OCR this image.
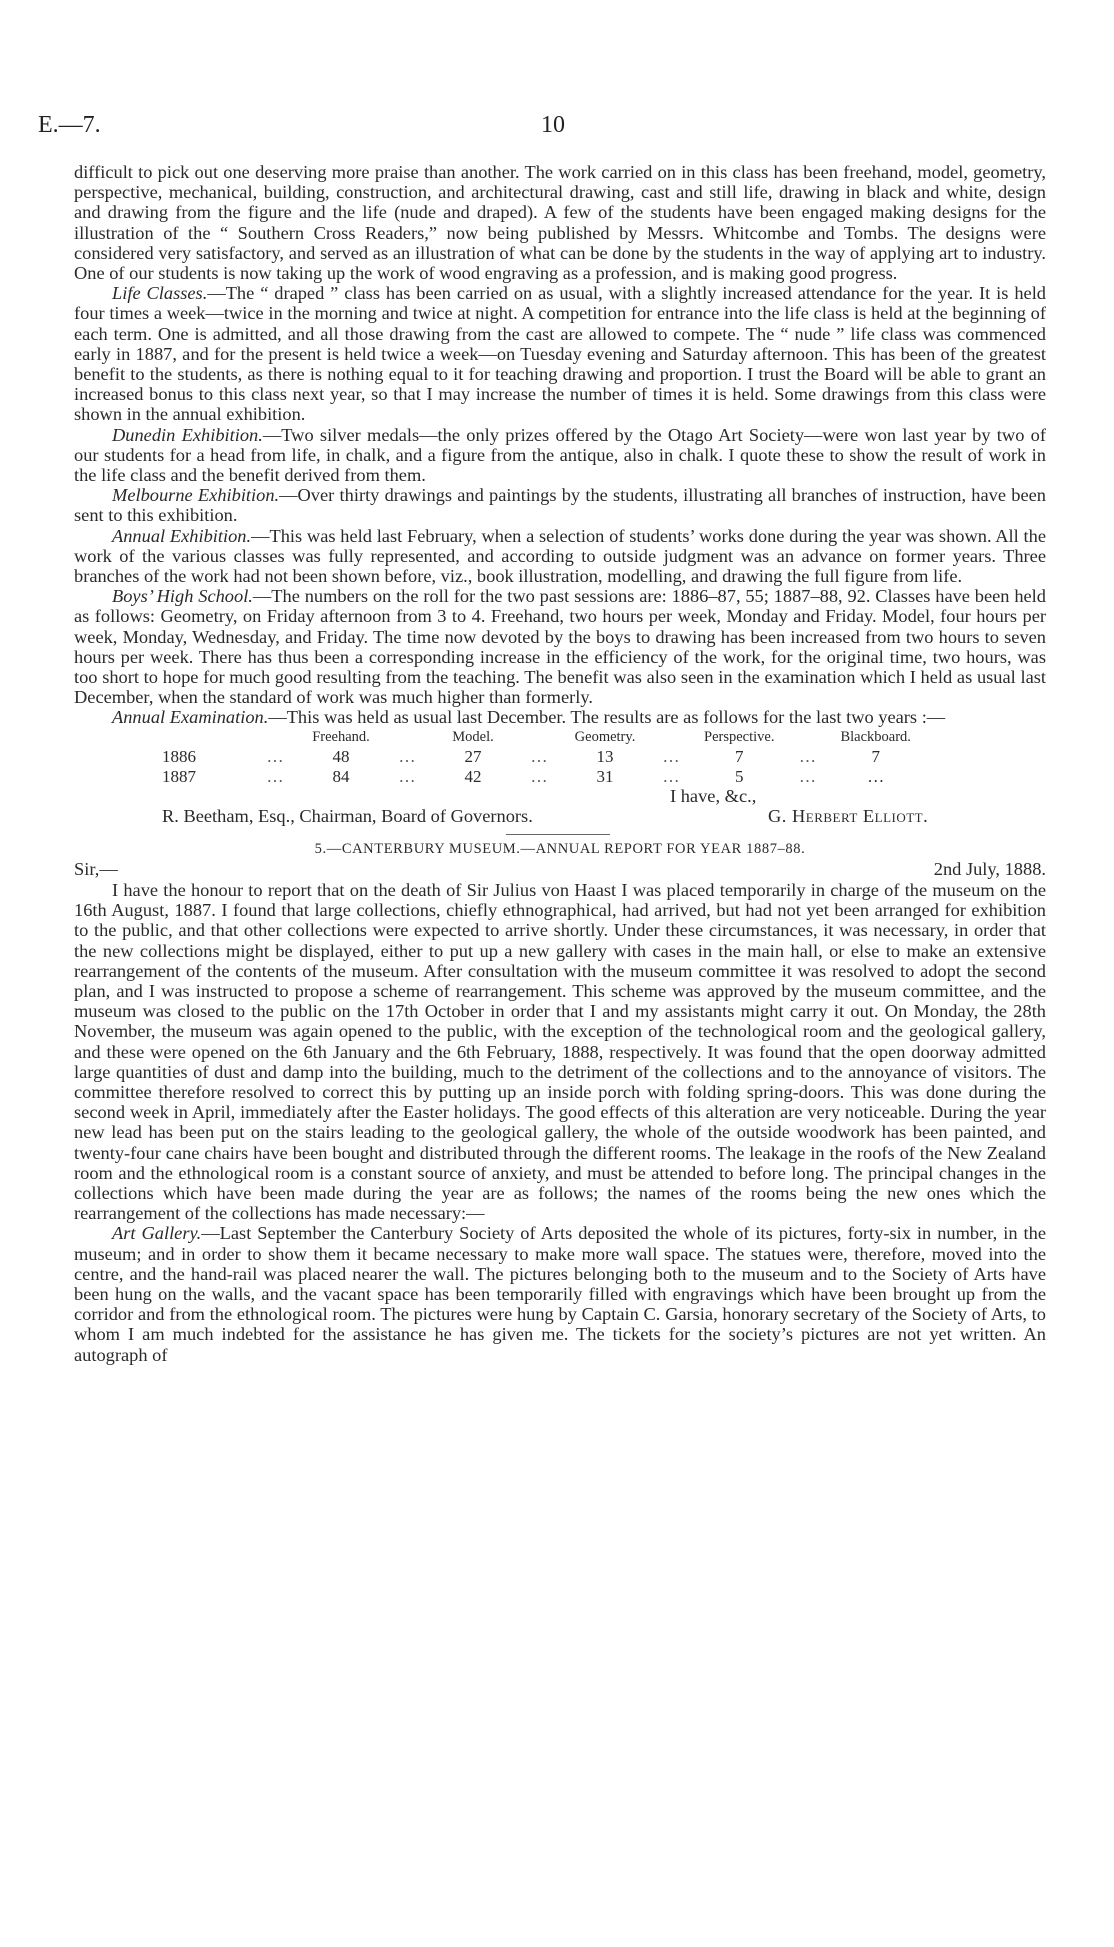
E.—7.	10

difficult to pick out one deserving more praise than another. The work carried on in this class has been freehand, model, geometry, perspective, mechanical, building, construction, and architectural drawing, cast and still life, drawing in black and white, design and drawing from the figure and the life (nude and draped). A few of the students have been engaged making designs for the illustration of the “ Southern Cross Readers,” now being published by Messrs. Whitcombe and Tombs. The designs were considered very satisfactory, and served as an illustration of what can be done by the students in the way of applying art to industry. One of our students is now taking up the work of wood engraving as a profession, and is making good progress.

Life Classes.—The “ draped ” class has been carried on as usual, with a slightly increased attendance for the year. It is held four times a week—twice in the morning and twice at night. A competition for entrance into the life class is held at the beginning of each term. One is admitted, and all those drawing from the cast are allowed to compete. The “ nude ” life class was commenced early in 1887, and for the present is held twice a week—on Tuesday evening and Saturday afternoon. This has been of the greatest benefit to the students, as there is nothing equal to it for teaching drawing and proportion. I trust the Board will be able to grant an increased bonus to this class next year, so that I may increase the number of times it is held. Some drawings from this class were shown in the annual exhibition.

Dunedin Exhibition.—Two silver medals—the only prizes offered by the Otago Art Society—were won last year by two of our students for a head from life, in chalk, and a figure from the antique, also in chalk. I quote these to show the result of work in the life class and the benefit derived from them.

Melbourne Exhibition.—Over thirty drawings and paintings by the students, illustrating all branches of instruction, have been sent to this exhibition.

Annual Exhibition.—This was held last February, when a selection of students’ works done during the year was shown. All the work of the various classes was fully represented, and according to outside judgment was an advance on former years. Three branches of the work had not been shown before, viz., book illustration, modelling, and drawing the full figure from life.

Boys’ High School.—The numbers on the roll for the two past sessions are: 1886–87, 55; 1887–88, 92. Classes have been held as follows: Geometry, on Friday afternoon from 3 to 4. Freehand, two hours per week, Monday and Friday. Model, four hours per week, Monday, Wednesday, and Friday. The time now devoted by the boys to drawing has been increased from two hours to seven hours per week. There has thus been a corresponding increase in the efficiency of the work, for the original time, two hours, was too short to hope for much good resulting from the teaching. The benefit was also seen in the examination which I held as usual last December, when the standard of work was much higher than formerly.

Annual Examination.—This was held as usual last December. The results are as follows for the last two years :—

		Freehand.		Model.		Geometry.		Perspective.		Blackboard.
1886	…	48	…	27	…	13	…	7	…	7
1887	…	84	…	42	…	31	…	5	…	…
I have, &c.,
R. Beetham, Esq., Chairman, Board of Governors.	G. Herbert Elliott.
5.—CANTERBURY MUSEUM.—ANNUAL REPORT FOR YEAR 1887–88.
Sir,—	2nd July, 1888.

I have the honour to report that on the death of Sir Julius von Haast I was placed temporarily in charge of the museum on the 16th August, 1887. I found that large collections, chiefly ethnographical, had arrived, but had not yet been arranged for exhibition to the public, and that other collections were expected to arrive shortly. Under these circumstances, it was necessary, in order that the new collections might be displayed, either to put up a new gallery with cases in the main hall, or else to make an extensive rearrangement of the contents of the museum. After consultation with the museum committee it was resolved to adopt the second plan, and I was instructed to propose a scheme of rearrangement. This scheme was approved by the museum committee, and the museum was closed to the public on the 17th October in order that I and my assistants might carry it out. On Monday, the 28th November, the museum was again opened to the public, with the exception of the technological room and the geological gallery, and these were opened on the 6th January and the 6th February, 1888, respectively. It was found that the open doorway admitted large quantities of dust and damp into the building, much to the detriment of the collections and to the annoyance of visitors. The committee therefore resolved to correct this by putting up an inside porch with folding spring-doors. This was done during the second week in April, immediately after the Easter holidays. The good effects of this alteration are very noticeable. During the year new lead has been put on the stairs leading to the geological gallery, the whole of the outside woodwork has been painted, and twenty-four cane chairs have been bought and distributed through the different rooms. The leakage in the roofs of the New Zealand room and the ethnological room is a constant source of anxiety, and must be attended to before long. The principal changes in the collections which have been made during the year are as follows; the names of the rooms being the new ones which the rearrangement of the collections has made necessary:—

Art Gallery.—Last September the Canterbury Society of Arts deposited the whole of its pictures, forty-six in number, in the museum; and in order to show them it became necessary to make more wall space. The statues were, therefore, moved into the centre, and the hand-rail was placed nearer the wall. The pictures belonging both to the museum and to the Society of Arts have been hung on the walls, and the vacant space has been temporarily filled with engravings which have been brought up from the corridor and from the ethnological room. The pictures were hung by Captain C. Garsia, honorary secretary of the Society of Arts, to whom I am much indebted for the assistance he has given me. The tickets for the society’s pictures are not yet written. An autograph of
